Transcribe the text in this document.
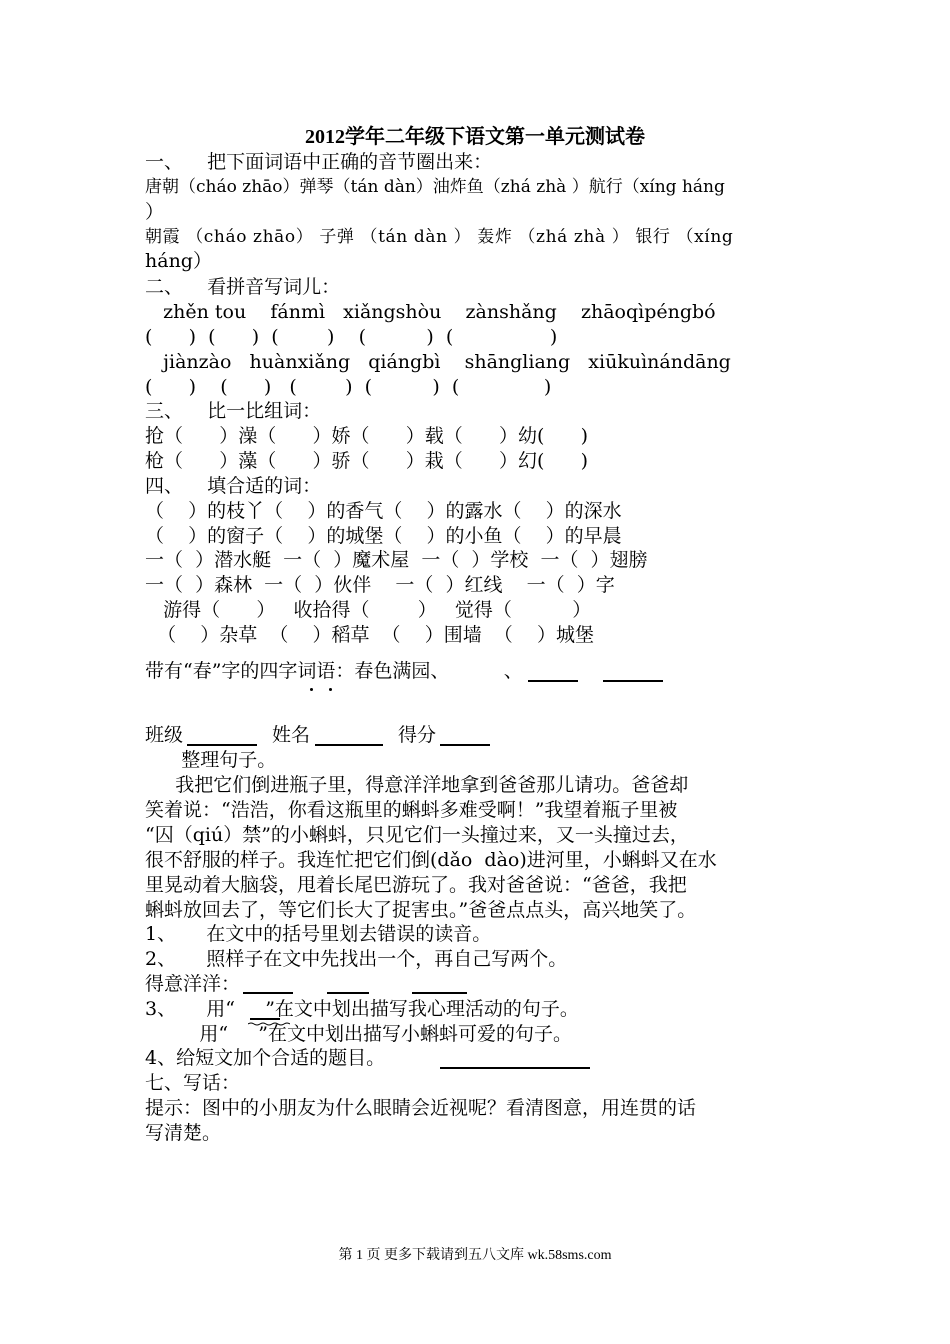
2012学年二年级下语文第一单元测试卷
一、    把下面词语中正确的音节圈出来：
唐朝（cháo zhāo）弹琴（tán dàn）油炸鱼（zhá zhà ）航行（xíng háng
）
朝霞 （cháo zhāo） 子弹 （tán dàn ） 轰炸 （zhá zhà ） 银行 （xíng
háng）
二、    看拼音写词儿：
zhěn tou    fánmì   xiǎngshòu    zànshǎng    zhāoqìpéngbó
(      )  (      )  (        )    (          )  (                )
jiànzào   huànxiǎng   qiángbì    shāngliang   xiūkuìnándāng
(      )    (      )   (        )  (          )  (              )
三、    比一比组词：
抢（      ）澡（      ）娇（      ）载（      ）幼(      )
枪（      ）藻（      ）骄（      ）栽（      ）幻(      )
四、    填合适的词：
（    ）的枝丫（    ）的香气（    ）的露水（    ）的深水
（    ）的窗子（    ）的城堡（    ）的小鱼（    ）的早晨
一（  ）潜水艇  一（  ）魔术屋  一（  ）学校  一（  ）翅膀
一（  ）森林  一（  ）伙伴    一（  ）红线    一（  ）字
游得（      ）   收拾得（        ）   觉得（          ）
（    ）杂草  （    ）稻草  （    ）围墙  （    ）城堡
带有“春”字的四字词语：春色满园、         、
班级	姓名	得分
整理句子。
我把它们倒进瓶子里，得意洋洋地拿到爸爸那儿请功。爸爸却
笑着说：“浩浩，你看这瓶里的蝌蚪多难受啊！”我望着瓶子里被
“囚（qiú）禁”的小蝌蚪，只见它们一头撞过来，又一头撞过去，
很不舒服的样子。我连忙把它们倒(dǎo  dào)进河里，小蝌蚪又在水
里晃动着大脑袋，甩着长尾巴游玩了。我对爸爸说：“爸爸，我把
蝌蚪放回去了，等它们长大了捉害虫。”爸爸点点头，高兴地笑了。
1、     在文中的括号里划去错误的读音。
2、     照样子在文中先找出一个，再自己写两个。
得意洋洋：
3、     用“     ”在文中划出描写我心理活动的句子。
用“     ”在文中划出描写小蝌蚪可爱的句子。
4、给短文加个合适的题目。
七、写话：
提示：图中的小朋友为什么眼睛会近视呢？看清图意，用连贯的话
写清楚。
第 1 页 更多下载请到五八文库 wk.58sms.com
